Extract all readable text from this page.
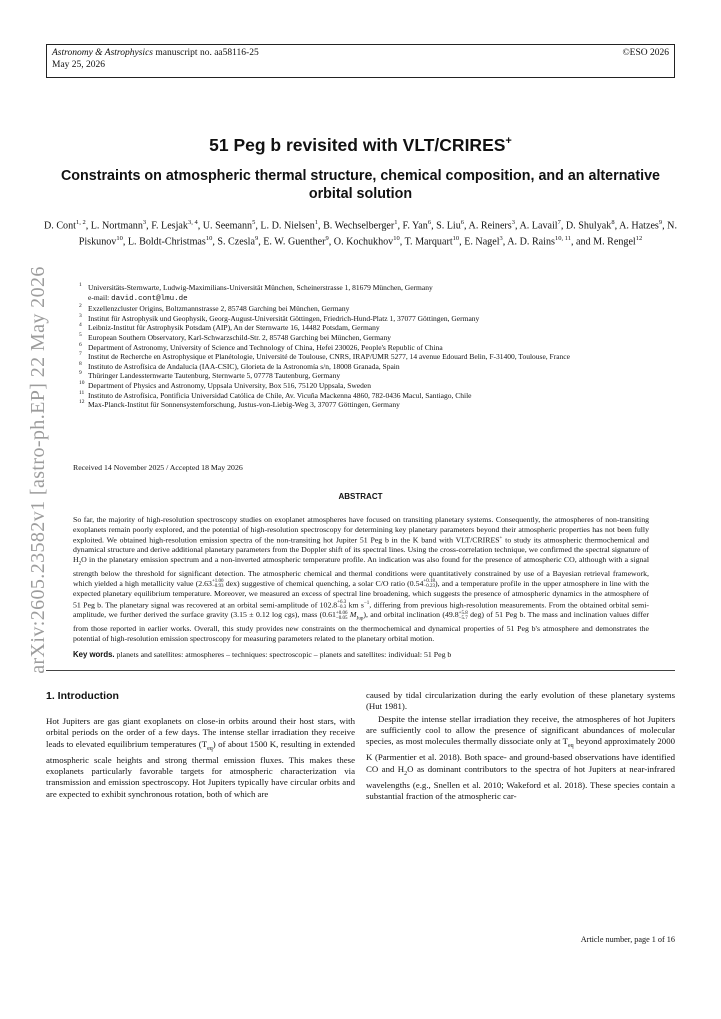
Astronomy & Astrophysics manuscript no. aa58116-25
May 25, 2026
©ESO 2026
arXiv:2605.23582v1 [astro-ph.EP] 22 May 2026
51 Peg b revisited with VLT/CRIRES+
Constraints on atmospheric thermal structure, chemical composition, and an alternative orbital solution
D. Cont$^{1, 2}$, L. Nortmann$^3$, F. Lesjak$^{3, 4}$, U. Seemann$^5$, L. D. Nielsen$^1$, B. Wechselberger$^1$, F. Yan$^6$, S. Liu$^6$, A. Reiners$^3$, A. Lavail$^7$, D. Shulyak$^8$, A. Hatzes$^9$, N. Piskunov$^{10}$, L. Boldt-Christmas$^{10}$, S. Czesla$^9$, E. W. Guenther$^9$, O. Kochukhov$^{10}$, T. Marquart$^{10}$, E. Nagel$^3$, A. D. Rains$^{10, 11}$, and M. Rengel$^{12}$
1 Universitäts-Sternwarte, Ludwig-Maximilians-Universität München, Scheinerstrasse 1, 81679 München, Germany
e-mail: david.cont@lmu.de
2 Exzellenzcluster Origins, Boltzmannstrasse 2, 85748 Garching bei München, Germany
3 Institut für Astrophysik und Geophysik, Georg-August-Universität Göttingen, Friedrich-Hund-Platz 1, 37077 Göttingen, Germany
4 Leibniz-Institut für Astrophysik Potsdam (AIP), An der Sternwarte 16, 14482 Potsdam, Germany
5 European Southern Observatory, Karl-Schwarzschild-Str. 2, 85748 Garching bei München, Germany
6 Department of Astronomy, University of Science and Technology of China, Hefei 230026, People's Republic of China
7 Institut de Recherche en Astrophysique et Planétologie, Université de Toulouse, CNRS, IRAP/UMR 5277, 14 avenue Edouard Belin, F-31400, Toulouse, France
8 Instituto de Astrofísica de Andalucía (IAA-CSIC), Glorieta de la Astronomía s/n, 18008 Granada, Spain
9 Thüringer Landessternwarte Tautenburg, Sternwarte 5, 07778 Tautenburg, Germany
10 Department of Physics and Astronomy, Uppsala University, Box 516, 75120 Uppsala, Sweden
11 Instituto de Astrofísica, Pontificia Universidad Católica de Chile, Av. Vicuña Mackenna 4860, 782-0436 Macul, Santiago, Chile
12 Max-Planck-Institut für Sonnensystemforschung, Justus-von-Liebig-Weg 3, 37077 Göttingen, Germany
Received 14 November 2025 / Accepted 18 May 2026
ABSTRACT
So far, the majority of high-resolution spectroscopy studies on exoplanet atmospheres have focused on transiting planetary systems. Consequently, the atmospheres of non-transiting exoplanets remain poorly explored, and the potential of high-resolution spectroscopy for determining key planetary parameters beyond their atmospheric properties has not been fully exploited. We obtained high-resolution emission spectra of the non-transiting hot Jupiter 51 Peg b in the K band with VLT/CRIRES+ to study its atmospheric thermochemical and dynamical structure and derive additional planetary parameters from the Doppler shift of its spectral lines. Using the cross-correlation technique, we confirmed the spectral signature of $H_2O$ in the planetary emission spectrum and a non-inverted atmospheric temperature profile. An indication was also found for the presence of atmospheric CO, although with a signal strength below the threshold for significant detection. The atmospheric chemical and thermal conditions were quantitatively constrained by use of a Bayesian retrieval framework, which yielded a high metallicity value (2.63 +1.00
−0.93 dex) suggestive of chemical quenching, a solar C/O ratio (0.54 +0.18
−0.23 ), and a temperature profile in the upper atmosphere in line with the expected planetary equilibrium temperature. Moreover, we measured an excess of spectral line broadening, which suggests the presence of atmospheric dynamics in the atmosphere of 51 Peg b. The planetary signal was recovered at an orbital semi-amplitude of 102.8 +6.3
−0.3 km $s^{-1}$, differing from previous high-resolution measurements. From the obtained orbital semi-amplitude, we further derived the surface gravity (3.15 ± 0.12 log cgs), mass (0.61 +0.06
−0.05 $M_{Jup}$), and orbital inclination (49.8 +5.8
−5.7 deg) of 51 Peg b. The mass and inclination values differ from those reported in earlier works. Overall, this study provides new constraints on the thermochemical and dynamical properties of 51 Peg b's atmosphere and demonstrates the potential of high-resolution emission spectroscopy for measuring parameters related to the planetary orbital motion.
Key words. planets and satellites: atmospheres – techniques: spectroscopic – planets and satellites: individual: 51 Peg b
1. Introduction

Hot Jupiters are gas giant exoplanets on close-in orbits around their host stars, with orbital periods on the order of a few days. The intense stellar irradiation they receive leads to elevated equilibrium temperatures $(T_{eq})$ of about 1500 K, resulting in extended atmospheric scale heights and strong thermal emission fluxes. This makes these exoplanets particularly favorable targets for atmospheric characterization via transmission and emission spectroscopy. Hot Jupiters typically have circular orbits and are expected to exhibit synchronous rotation, both of which are

caused by tidal circularization during the early evolution of these planetary systems (Hut 1981).

Despite the intense stellar irradiation they receive, the atmospheres of hot Jupiters are sufficiently cool to allow the presence of significant abundances of molecular species, as most molecules thermally dissociate only at $T_{eq}$ beyond approximately 2000 K (Parmentier et al. 2018). Both space- and ground-based observations have identified CO and $H_2O$ as dominant contributors to the spectra of hot Jupiters at near-infrared wavelengths (e.g., Snellen et al. 2010; Wakeford et al. 2018). These species contain a substantial fraction of the atmospheric car-

Article number, page 1 of 16
